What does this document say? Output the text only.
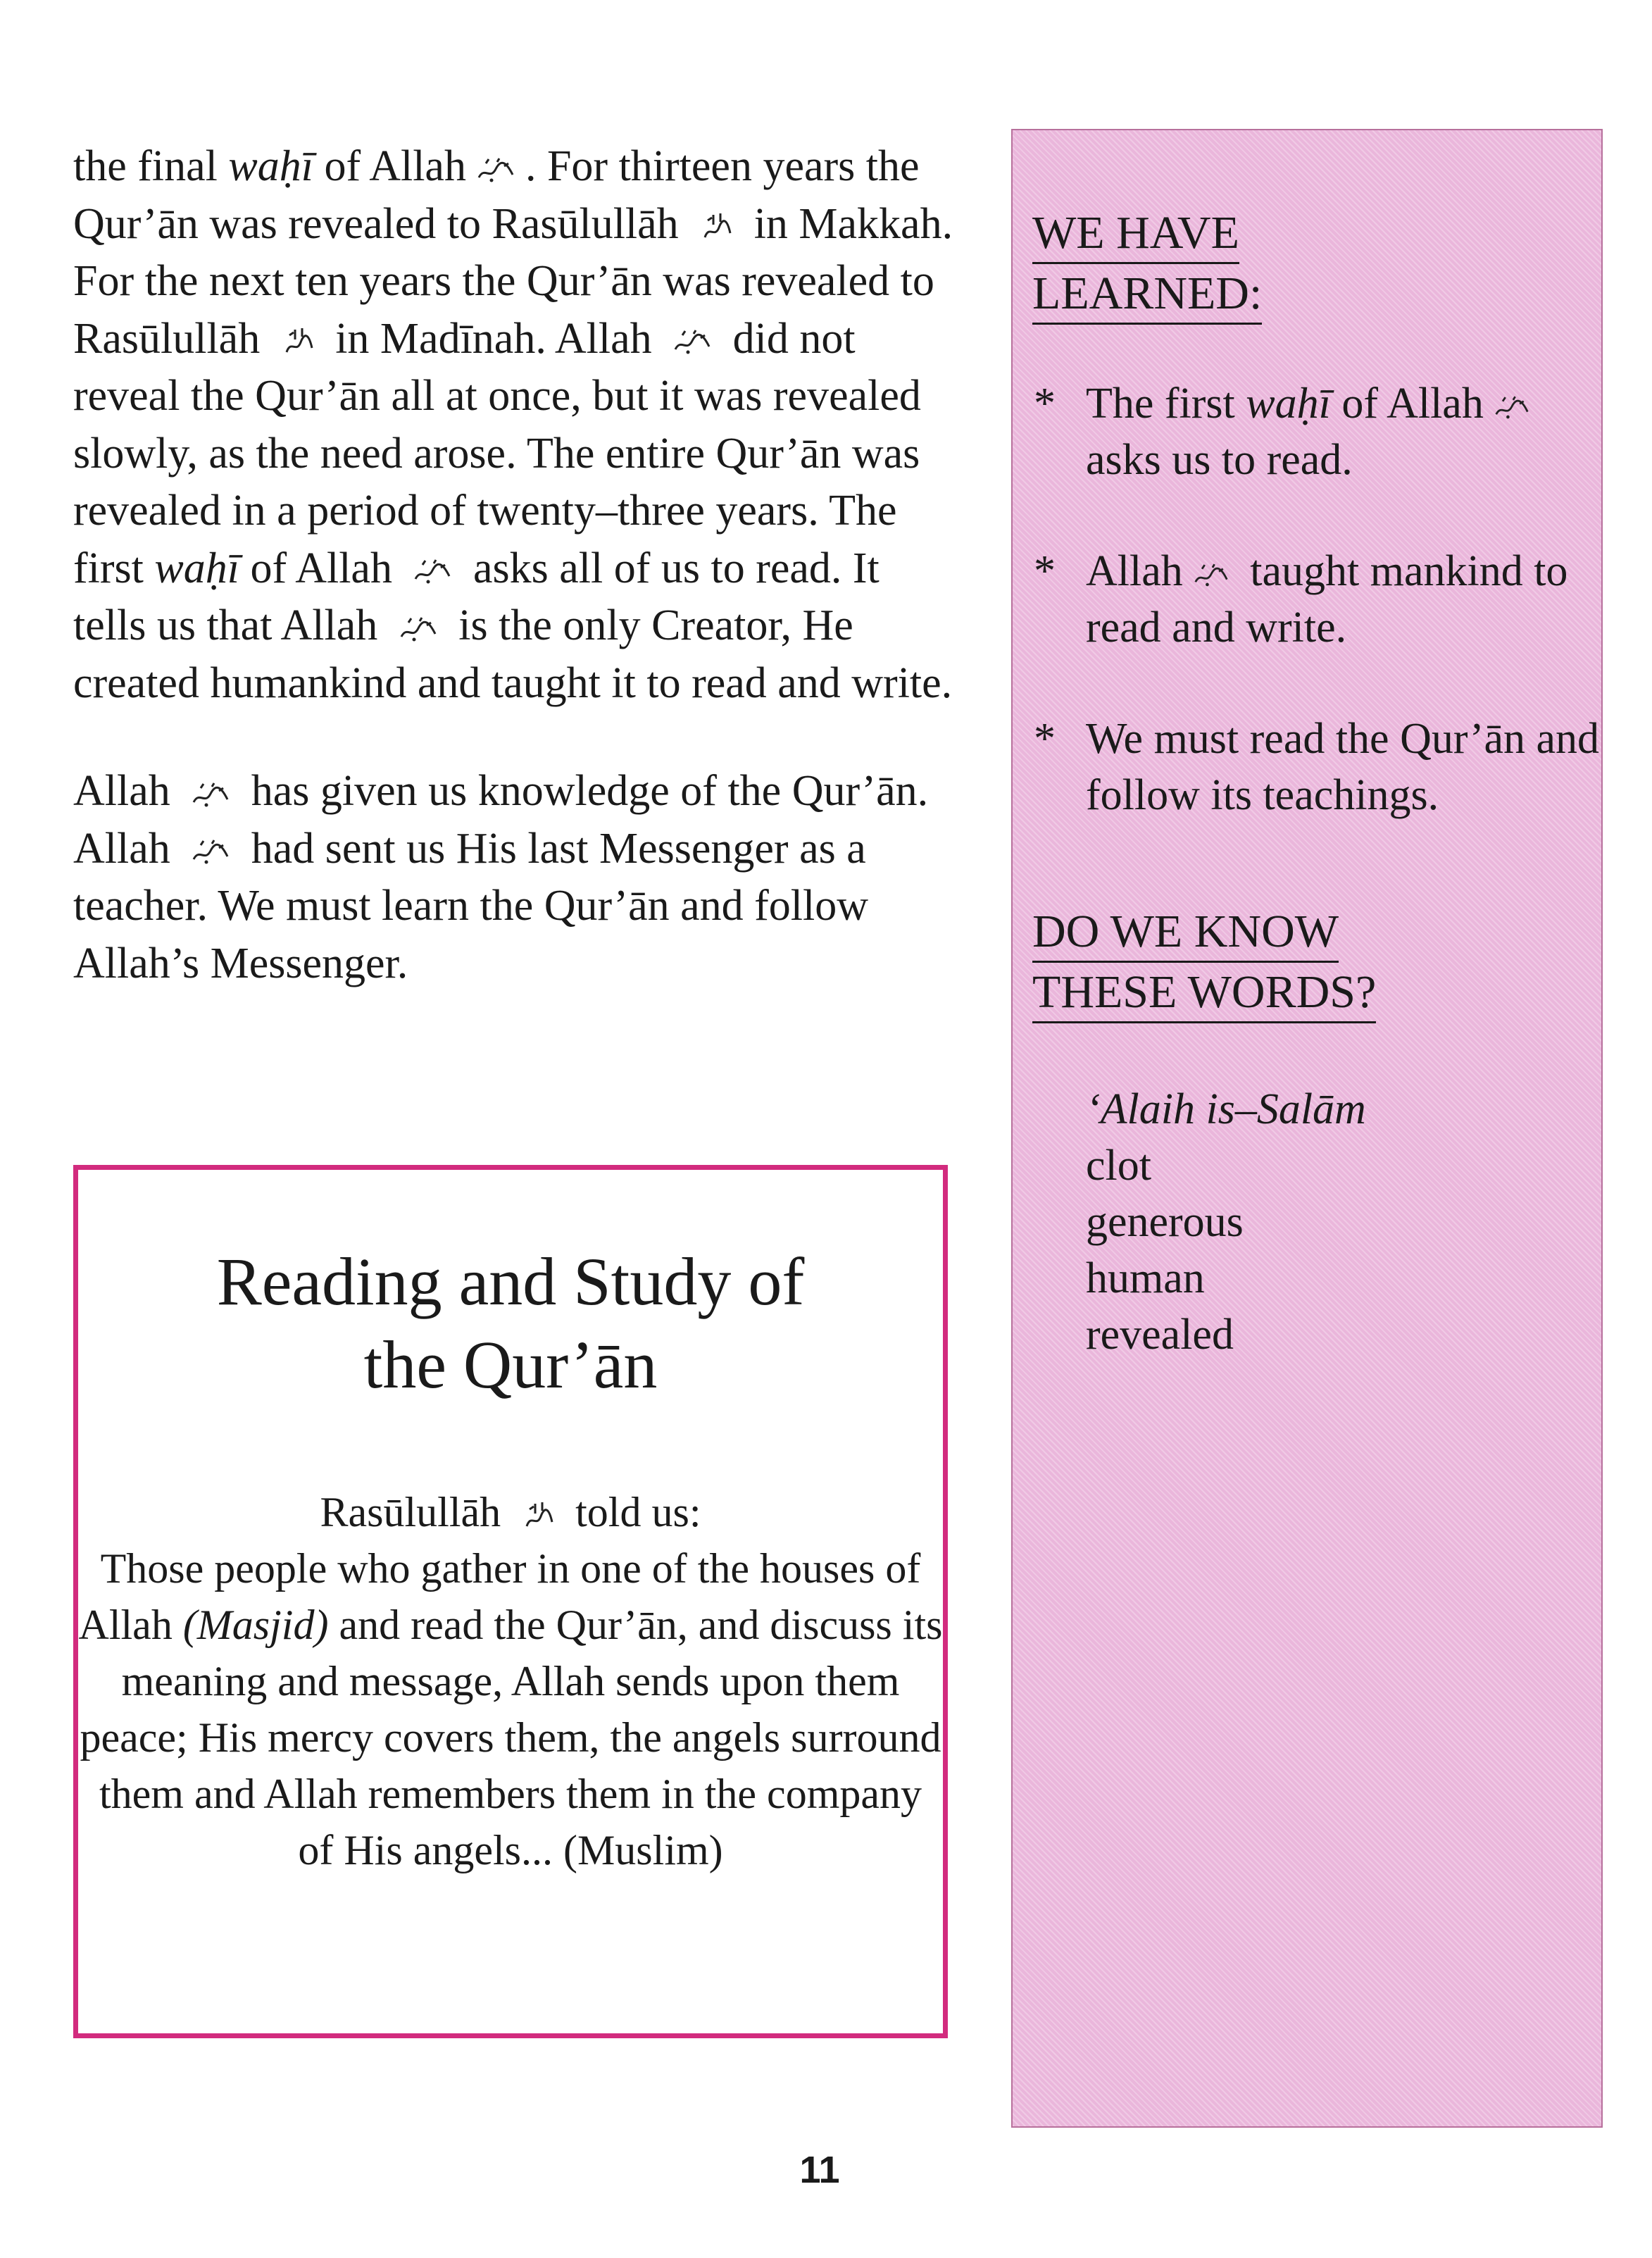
the final waḥī of Allah . For thirteen years the Qur’ān was revealed to Rasūlullāh in Makkah. For the next ten years the Qur’ān was revealed to Rasūlullāh in Madīnah. Allah did not reveal the Qur’ān all at once, but it was revealed slowly, as the need arose. The entire Qur’ān was revealed in a period of twenty–three years. The first waḥī of Allah asks all of us to read. It tells us that Allah is the only Creator, He created humankind and taught it to read and write.

Allah has given us knowledge of the Qur’ān. Allah had sent us His last Messenger as a teacher. We must learn the Qur’ān and follow Allah’s Messenger.

Reading and Study of
the Qur’ān
Rasūlullāh told us:
Those people who gather in one of the houses of Allah (Masjid) and read the Qur’ān, and discuss its meaning and message, Allah sends upon them peace; His mercy covers them, the angels surround them and Allah remembers them in the company of His angels... (Muslim)
WE HAVE
LEARNED:
* The first waḥī of Allah asks us to read.
* Allah taught mankind to read and write.
* We must read the Qur’ān and follow its teachings.
DO WE KNOW
THESE WORDS?
‘Alaih is–Salām
clot
generous
human
revealed
11
